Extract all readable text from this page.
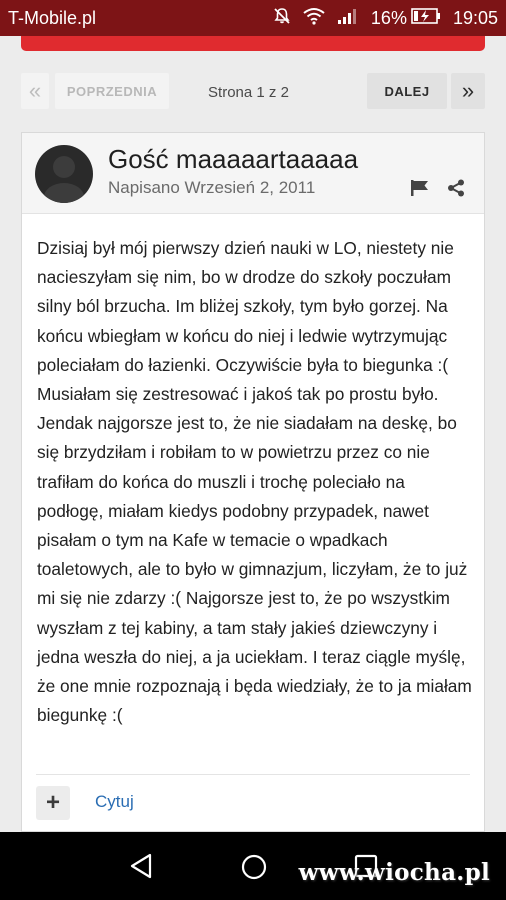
T-Mobile.pl	16%	19:05
«	POPRZEDNIA	Strona 1 z 2	DALEJ	»
Gość maaaaartaaaaa
Napisano Wrzesień 2, 2011
Dzisiaj był mój pierwszy dzień nauki w LO, niestety nie nacieszyłam się nim, bo w drodze do szkoły poczułam silny ból brzucha. Im bliżej szkoły, tym było gorzej. Na końcu wbiegłam w końcu do niej i ledwie wytrzymując poleciałam do łazienki. Oczywiście była to biegunka :( Musiałam się zestresować i jakoś tak po prostu było. Jendak najgorsze jest to, że nie siadałam na deskę, bo się brzydziłam i robiłam to w powietrzu przez co nie trafiłam do końca do muszli i trochę poleciało na podłogę, miałam kiedys podobny przypadek, nawet pisałam o tym na Kafe w temacie o wpadkach toaletowych, ale to było w gimnazjum, liczyłam, że to już mi się nie zdarzy :( Najgorsze jest to, że po wszystkim wyszłam z tej kabiny, a tam stały jakieś dziewczyny i jedna weszła do niej, a ja uciekłam. I teraz ciągle myślę, że one mnie rozpoznają i będa wiedziały, że to ja miałam biegunkę :(
+	Cytuj
www.wiocha.pl
